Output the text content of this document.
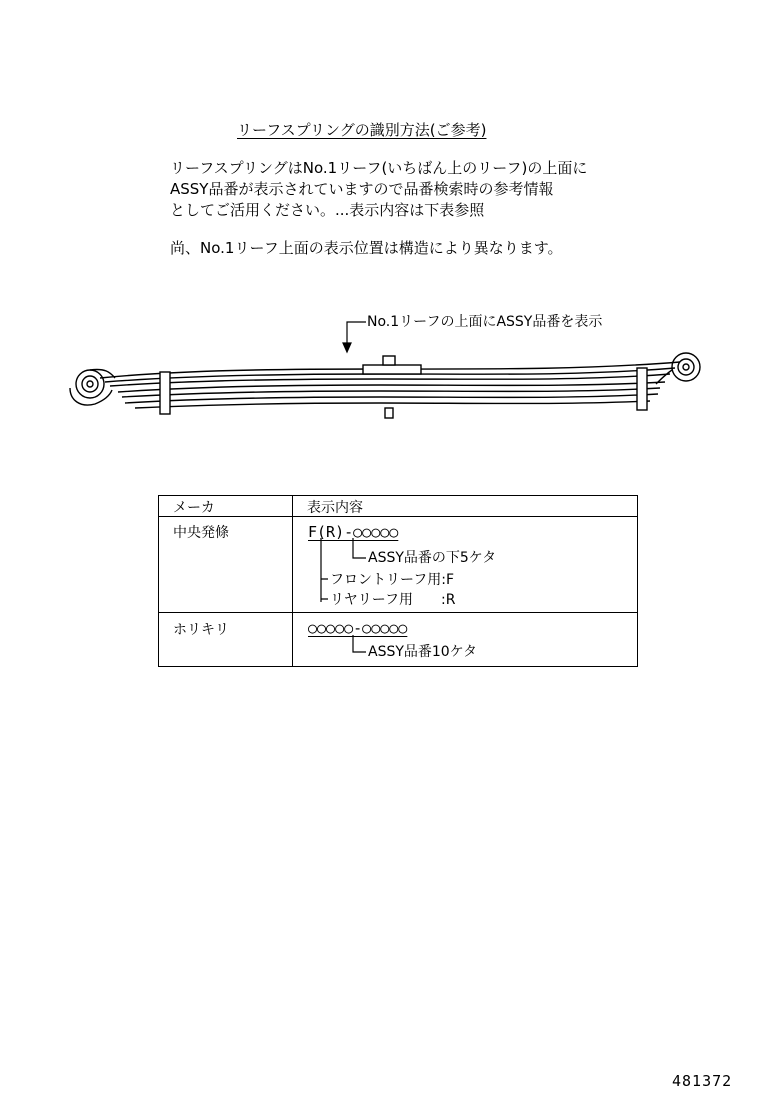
リーフスプリングの識別方法(ご参考)
リーフスプリングはNo.1リーフ(いちばん上のリーフ)の上面に
ASSY品番が表示されていますので品番検索時の参考情報
としてご活用ください。...表示内容は下表参照
尚、No.1リーフ上面の表示位置は構造により異なります。
No.1リーフの上面にASSY品番を表示
メーカ	表示内容
中央発條	F(R)-○○○○○
ASSY品番の下5ケタ
フロントリーフ用:F
リヤリーフ用　　:R
ホリキリ	○○○○○-○○○○○
ASSY品番10ケタ
481372
